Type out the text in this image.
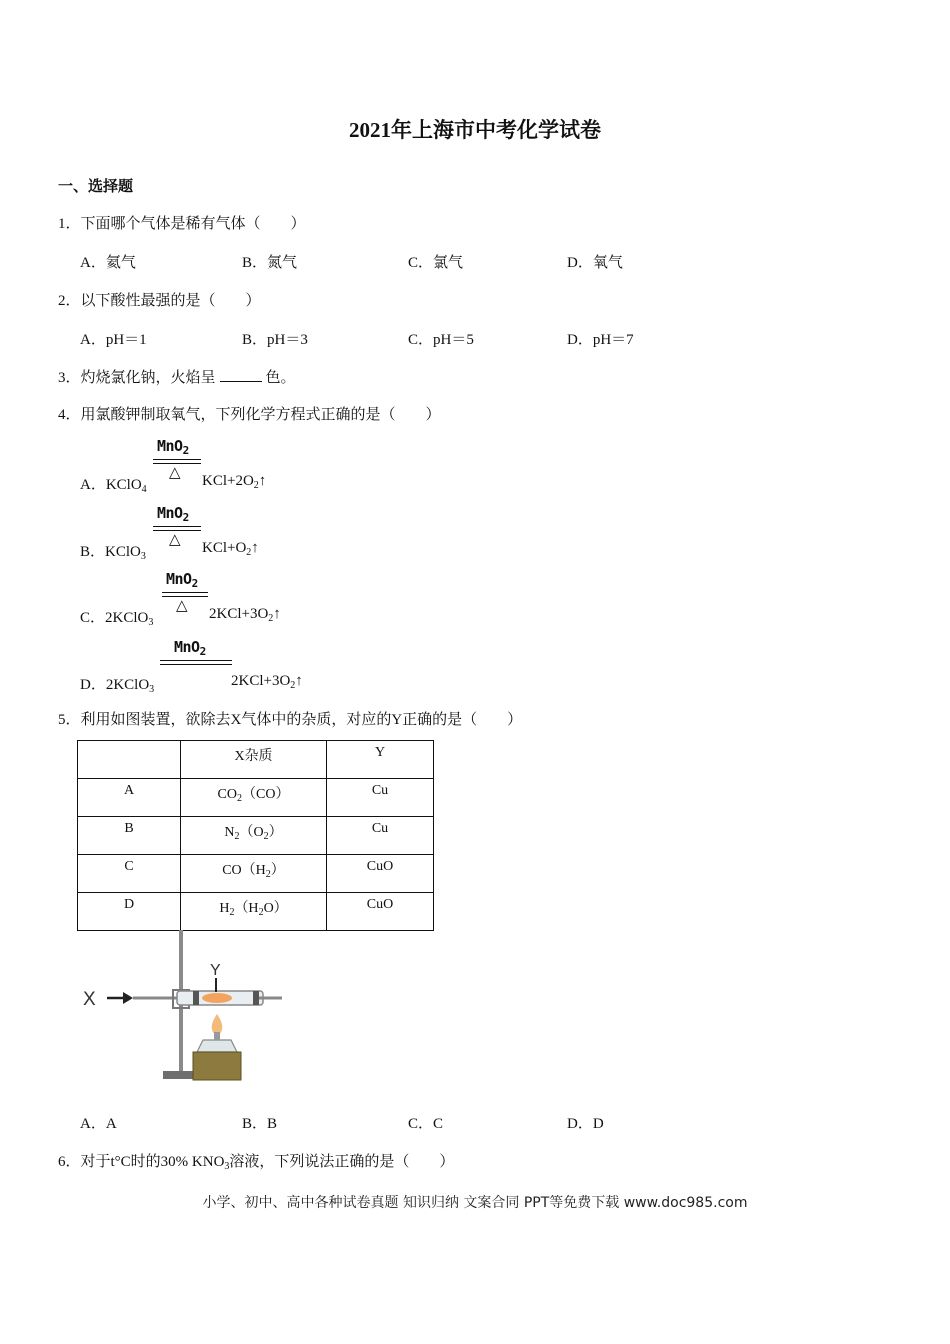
2021年上海市中考化学试卷
一、选择题
1．下面哪个气体是稀有气体（　　）
A．氦气	B．氮气	C．氯气	D．氧气
2．以下酸性最强的是（　　）
A．pH＝1	B．pH＝3	C．pH＝5	D．pH＝7
3．灼烧氯化钠，火焰呈	色。
4．用氯酸钾制取氧气，下列化学方程式正确的是（　　）
MnO$_2$
△
A．KClO$_4$
$KCl+2O_2↑$
MnO$_2$
△
B．KClO$_3$
$KCl+O_2↑$
MnO$_2$
△
C．2KClO$_3$
$2KCl+3O_2↑$
MnO$_2$
D．2KClO$_3$
$2KCl+3O_2↑$
5．利用如图装置，欲除去X气体中的杂质，对应的Y正确的是（　　）
	X杂质	Y
A	$CO_2(CO)$	Cu
B	$N_2(O_2)$	Cu
C	$CO(H_2)$	CuO
D	$H_2(H_2O)$	CuO
X
Y
A．A	B．B	C．C	D．D
6．对于t°C时的30% $KNO_3$溶液，下列说法正确的是（　　）
小学、初中、高中各种试卷真题 知识归纳 文案合同 PPT等免费下载 www.doc985.com
